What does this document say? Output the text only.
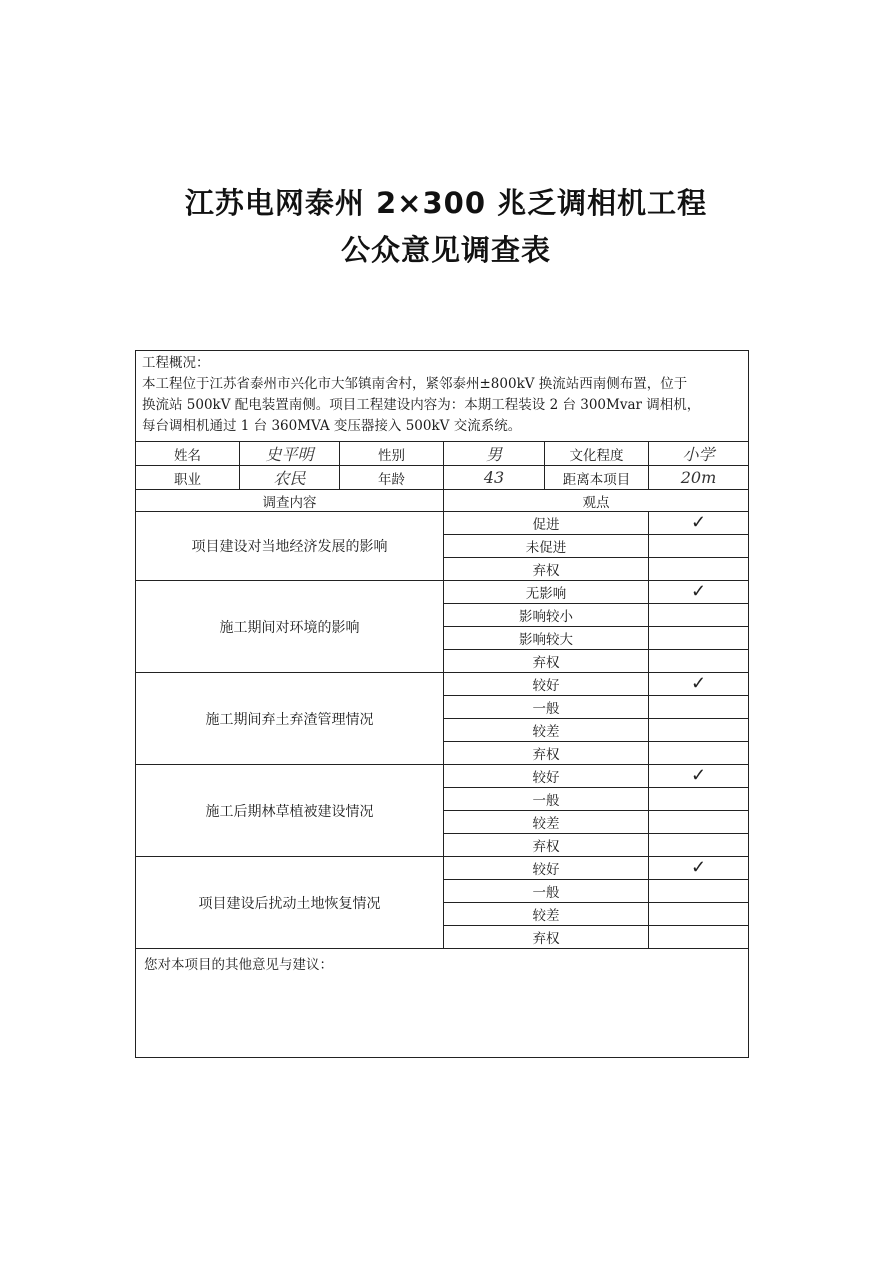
江苏电网泰州 2×300 兆乏调相机工程
公众意见调查表
工程概况：
本工程位于江苏省泰州市兴化市大邹镇南舍村，紧邻泰州±800kV 换流站西南侧布置，位于
换流站 500kV 配电装置南侧。项目工程建设内容为：本期工程装设 2 台 300Mvar 调相机，
每台调相机通过 1 台 360MVA 变压器接入 500kV 交流系统。					

姓名	史平明	性别	男	文化程度	小学
职业	农民	年龄	43	距离本项目	20m
调查内容			观点		
项目建设对当地经济发展的影响			促进		✓
			未促进		
			弃权		
施工期间对环境的影响			无影响		✓
			影响较小		
			影响较大		
			弃权		
施工期间弃土弃渣管理情况			较好		✓
			一般		
			较差		
			弃权		
施工后期林草植被建设情况			较好		✓
			一般		
			较差		
			弃权		
项目建设后扰动土地恢复情况			较好		✓
			一般		
			较差		
			弃权		
您对本项目的其他意见与建议：					
